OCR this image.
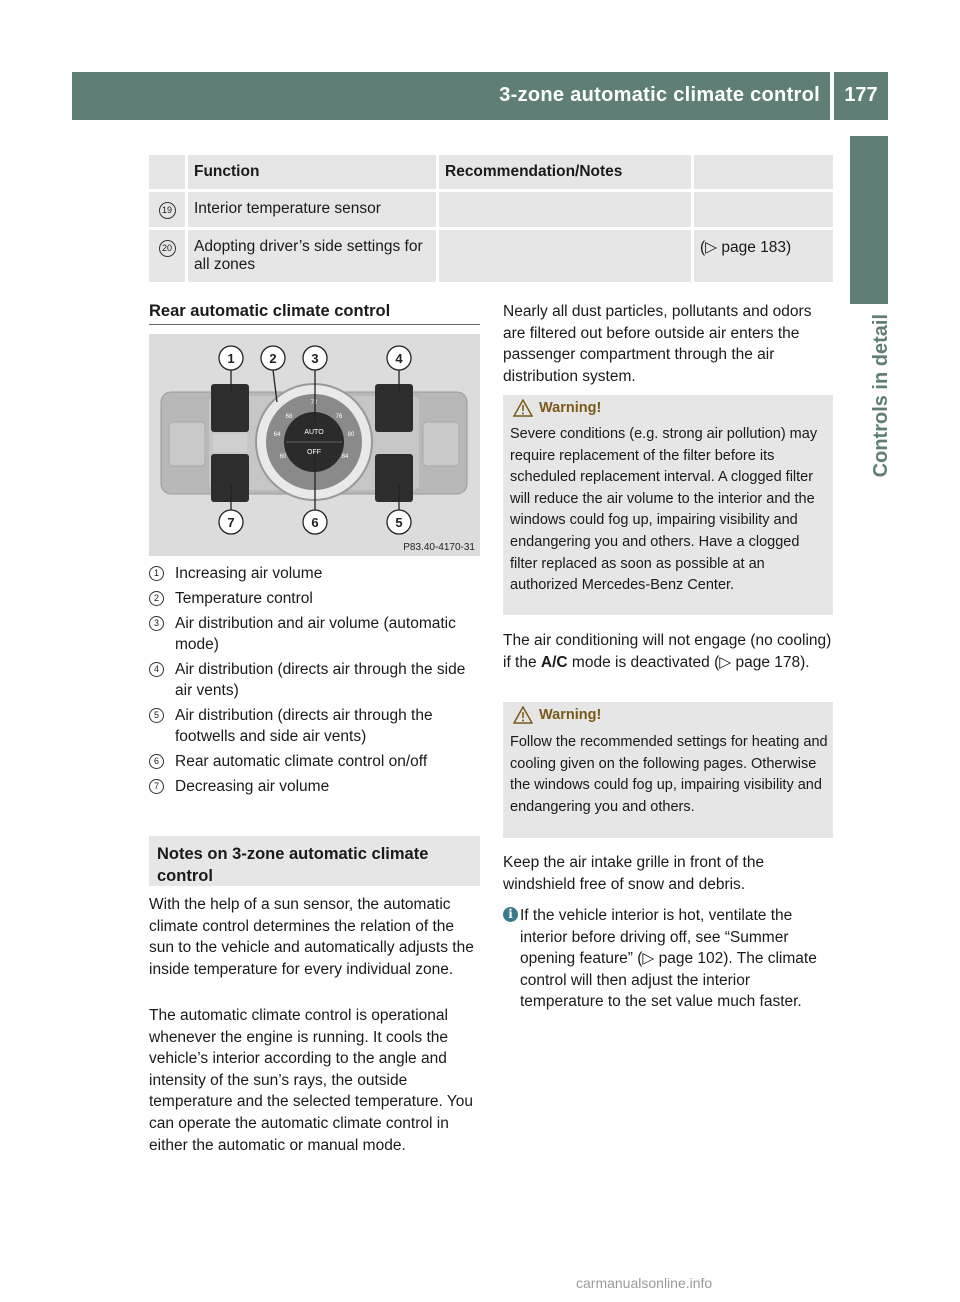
3-zone automatic climate control	177
Controls in detail
	Function	Recommendation/Notes	
19	Interior temperature sensor		
20	Adopting driver’s side settings for all zones		(▷ page 183)
Rear automatic climate control
AUTO
OFF
72
68
64
60
76
80
84
1	2	3	4
7	6	5
P83.40-4170-31
1	Increasing air volume
2	Temperature control
3	Air distribution and air volume (automatic mode)
4	Air distribution (directs air through the side air vents)
5	Air distribution (directs air through the footwells and side air vents)
6	Rear automatic climate control on/off
7	Decreasing air volume
Notes on 3-zone automatic climate control
With the help of a sun sensor, the automatic climate control determines the relation of the sun to the vehicle and automatically adjusts the inside temperature for every individual zone.
The automatic climate control is operational whenever the engine is running. It cools the vehicle’s interior according to the angle and intensity of the sun’s rays, the outside temperature and the selected temperature. You can operate the automatic climate control in either the automatic or manual mode.
Nearly all dust particles, pollutants and odors are filtered out before outside air enters the passenger compartment through the air distribution system.
Warning!
Severe conditions (e.g. strong air pollution) may require replacement of the filter before its scheduled replacement interval. A clogged filter will reduce the air volume to the interior and the windows could fog up, impairing visibility and endangering you and others. Have a clogged filter replaced as soon as possible at an authorized Mercedes-Benz Center.
The air conditioning will not engage (no cooling) if the A/C mode is deactivated (▷ page 178).
Warning!
Follow the recommended settings for heating and cooling given on the following pages. Otherwise the windows could fog up, impairing visibility and endangering you and others.
Keep the air intake grille in front of the windshield free of snow and debris.
i If the vehicle interior is hot, ventilate the interior before driving off, see “Summer opening feature” (▷ page 102). The climate control will then adjust the interior temperature to the set value much faster.
carmanualsonline.info
